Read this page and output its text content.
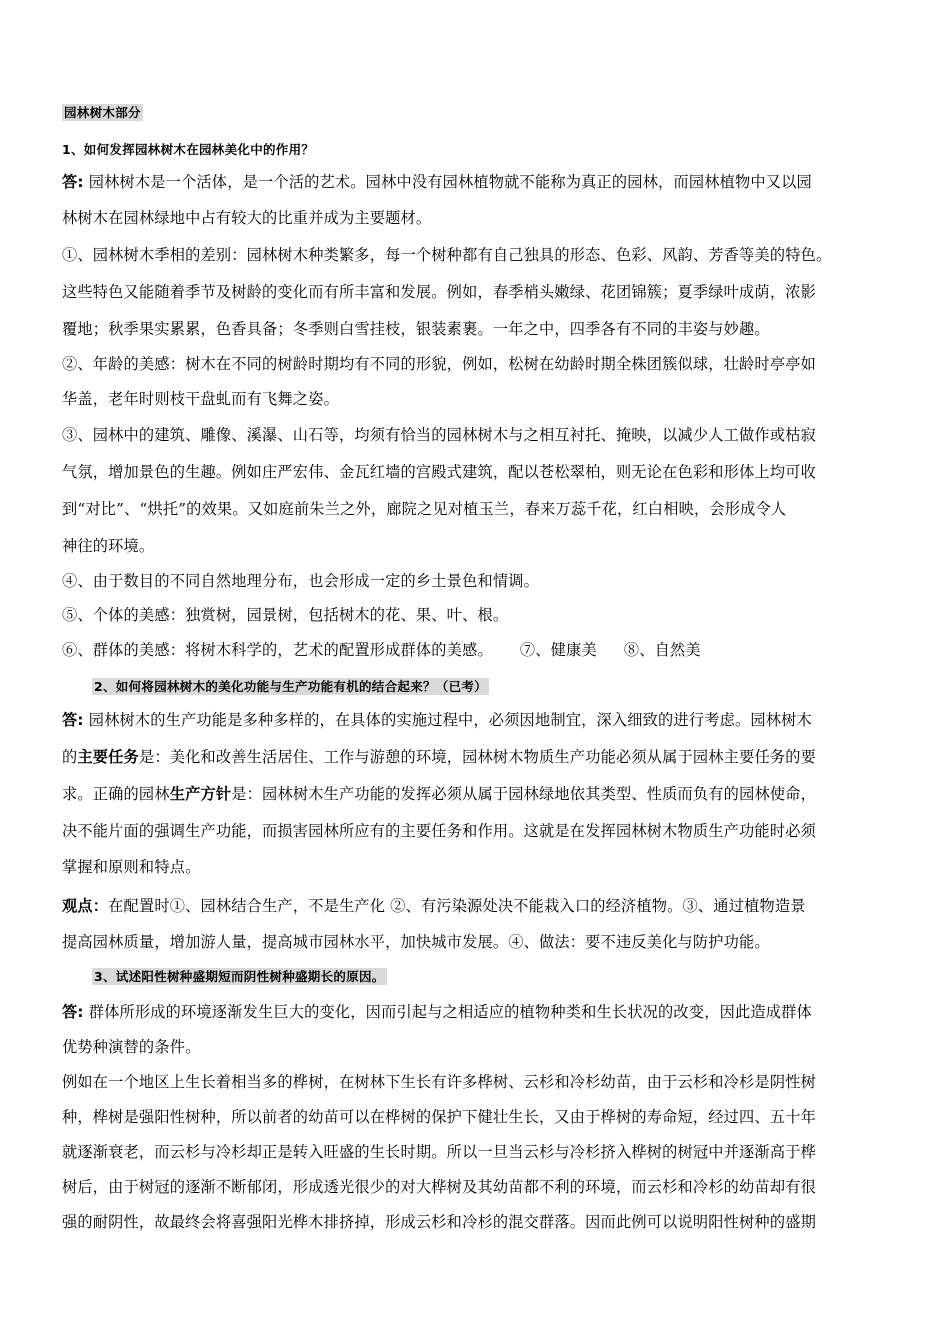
园林树木部分
1、如何发挥园林树木在园林美化中的作用？
答: 园林树木是一个活体，是一个活的艺术。园林中没有园林植物就不能称为真正的园林，而园林植物中又以园
林树木在园林绿地中占有较大的比重并成为主要题材。
①、园林树木季相的差别：园林树木种类繁多，每一个树种都有自己独具的形态、色彩、风韵、芳香等美的特色。
这些特色又能随着季节及树龄的变化而有所丰富和发展。例如，春季梢头嫩绿、花团锦簇；夏季绿叶成荫，浓影
覆地；秋季果实累累，色香具备；冬季则白雪挂枝，银装素裹。一年之中，四季各有不同的丰姿与妙趣。
②、年龄的美感：树木在不同的树龄时期均有不同的形貌，例如，松树在幼龄时期全株团簇似球，壮龄时亭亭如
华盖，老年时则枝干盘虬而有飞舞之姿。
③、园林中的建筑、雕像、溪瀑、山石等，均须有恰当的园林树木与之相互衬托、掩映，以减少人工做作或枯寂
气氛，增加景色的生趣。例如庄严宏伟、金瓦红墙的宫殿式建筑，配以苍松翠柏，则无论在色彩和形体上均可收
到“对比”、“烘托”的效果。又如庭前朱兰之外，廊院之见对植玉兰，春来万蕊千花，红白相映，会形成令人
神往的环境。
④、由于数目的不同自然地理分布，也会形成一定的乡土景色和情调。
⑤、个体的美感：独赏树，园景树，包括树木的花、果、叶、根。
⑥、群体的美感：将树木科学的，艺术的配置形成群体的美感。 ⑦、健康美 ⑧、自然美
2、如何将园林树木的美化功能与生产功能有机的结合起来？（已考）
答: 园林树木的生产功能是多种多样的，在具体的实施过程中，必须因地制宜，深入细致的进行考虑。园林树木
的主要任务是：美化和改善生活居住、工作与游憩的环境，园林树木物质生产功能必须从属于园林主要任务的要
求。正确的园林生产方针是：园林树木生产功能的发挥必须从属于园林绿地依其类型、性质而负有的园林使命，
决不能片面的强调生产功能，而损害园林所应有的主要任务和作用。这就是在发挥园林树木物质生产功能时必须
掌握和原则和特点。
观点：在配置时①、园林结合生产，不是生产化 ②、有污染源处决不能栽入口的经济植物。③、通过植物造景
提高园林质量，增加游人量，提高城市园林水平，加快城市发展。④、做法：要不违反美化与防护功能。
3、试述阳性树种盛期短而阴性树种盛期长的原因。
答: 群体所形成的环境逐渐发生巨大的变化，因而引起与之相适应的植物种类和生长状况的改变，因此造成群体
优势种演替的条件。
例如在一个地区上生长着相当多的桦树，在树林下生长有许多桦树、云杉和冷杉幼苗，由于云杉和冷杉是阴性树
种，桦树是强阳性树种，所以前者的幼苗可以在桦树的保护下健壮生长，又由于桦树的寿命短，经过四、五十年
就逐渐衰老，而云杉与冷杉却正是转入旺盛的生长时期。所以一旦当云杉与冷杉挤入桦树的树冠中并逐渐高于桦
树后，由于树冠的逐渐不断郁闭，形成透光很少的对大桦树及其幼苗都不利的环境，而云杉和冷杉的幼苗却有很
强的耐阴性，故最终会将喜强阳光桦木排挤掉，形成云杉和冷杉的混交群落。因而此例可以说明阳性树种的盛期
